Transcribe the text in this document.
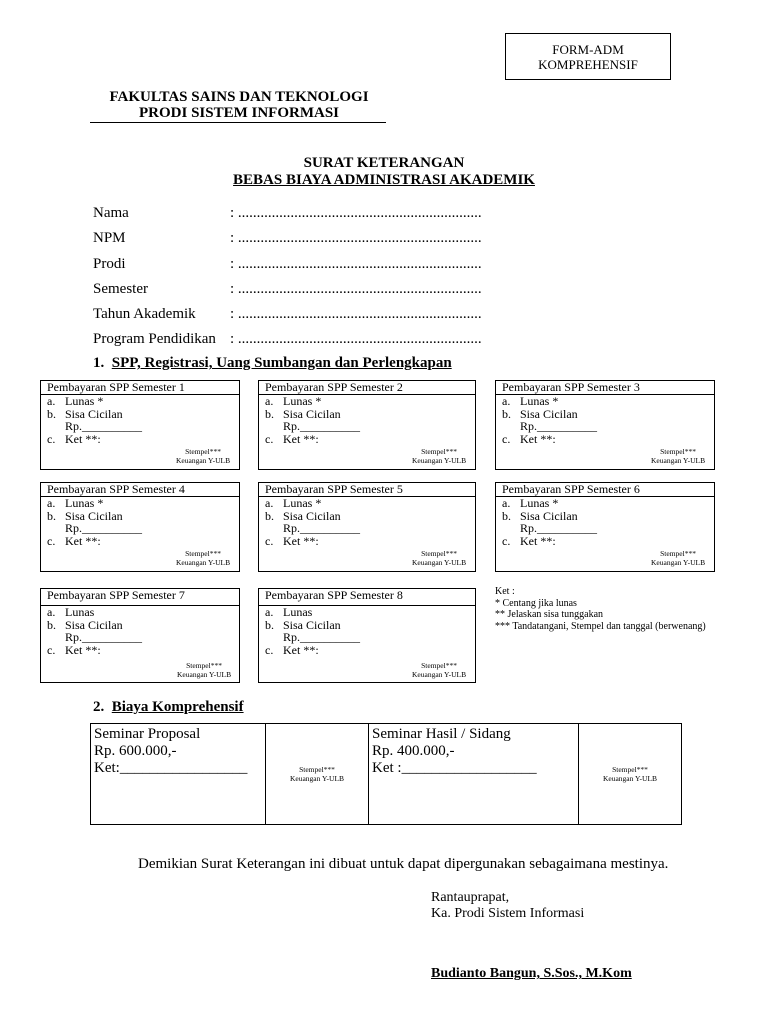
FORM-ADM
KOMPREHENSIF
FAKULTAS SAINS DAN TEKNOLOGI
PRODI SISTEM INFORMASI
SURAT KETERANGAN
BEBAS BIAYA ADMINISTRASI AKADEMIK
Nama	: .................................................................
NPM	: .................................................................
Prodi	: .................................................................
Semester	: .................................................................
Tahun Akademik : .................................................................
Program Pendidikan : .................................................................
1. SPP, Registrasi, Uang Sumbangan dan Perlengkapan
Pembayaran SPP Semester 1
a. Lunas *
b. Sisa Cicilan
Rp.__________
c. Ket **:
Stempel***
Keuangan Y-ULB
Pembayaran SPP Semester 2
a. Lunas *
b. Sisa Cicilan
Rp.__________
c. Ket **:
Stempel***
Keuangan Y-ULB
Pembayaran SPP Semester 3
a. Lunas *
b. Sisa Cicilan
Rp.__________
c. Ket **:
Stempel***
Keuangan Y-ULB
Pembayaran SPP Semester 4
a. Lunas *
b. Sisa Cicilan
Rp.__________
c. Ket **:
Stempel***
Keuangan Y-ULB
Pembayaran SPP Semester 5
a. Lunas *
b. Sisa Cicilan
Rp.__________
c. Ket **:
Stempel***
Keuangan Y-ULB
Pembayaran SPP Semester 6
a. Lunas *
b. Sisa Cicilan
Rp.__________
c. Ket **:
Stempel***
Keuangan Y-ULB
Pembayaran SPP Semester 7
a. Lunas
b. Sisa Cicilan
Rp.__________
c. Ket **:
Stempel***
Keuangan Y-ULB
Pembayaran SPP Semester 8
a. Lunas
b. Sisa Cicilan
Rp.__________
c. Ket **:
Stempel***
Keuangan Y-ULB
Ket :
* Centang jika lunas
** Jelaskan sisa tunggakan
*** Tandatangani, Stempel dan tanggal (berwenang)
2. Biaya Komprehensif
Seminar Proposal
Rp. 600.000,-
Ket:_________________	Stempel***
Keuangan Y-ULB
Seminar Hasil / Sidang
Rp. 400.000,-
Ket :__________________	Stempel***
Keuangan Y-ULB
Demikian Surat Keterangan ini dibuat untuk dapat dipergunakan sebagaimana mestinya.
Rantauprapat,
Ka. Prodi Sistem Informasi
Budianto Bangun, S.Sos., M.Kom
